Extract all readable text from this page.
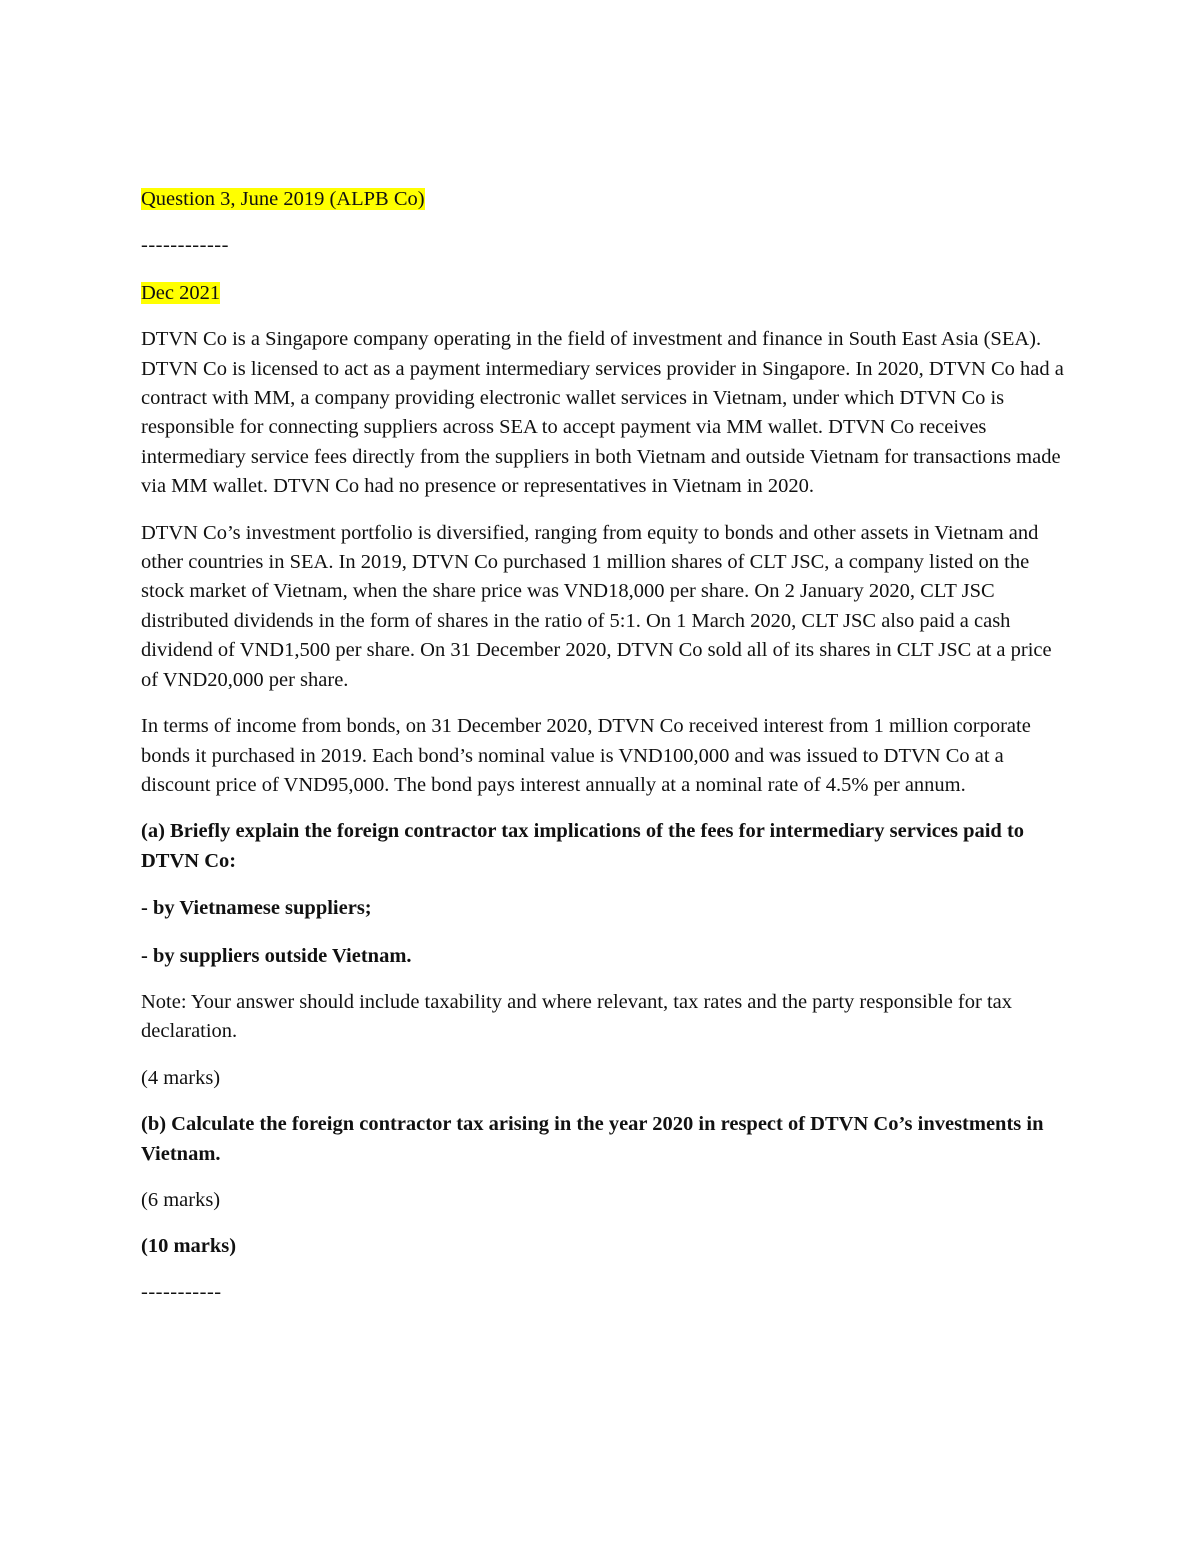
Question 3, June 2019 (ALPB Co)

------------

Dec 2021

DTVN Co is a Singapore company operating in the field of investment and finance in South East Asia (SEA). DTVN Co is licensed to act as a payment intermediary services provider in Singapore. In 2020, DTVN Co had a contract with MM, a company providing electronic wallet services in Vietnam, under which DTVN Co is responsible for connecting suppliers across SEA to accept payment via MM wallet. DTVN Co receives intermediary service fees directly from the suppliers in both Vietnam and outside Vietnam for transactions made via MM wallet. DTVN Co had no presence or representatives in Vietnam in 2020.

DTVN Co’s investment portfolio is diversified, ranging from equity to bonds and other assets in Vietnam and other countries in SEA. In 2019, DTVN Co purchased 1 million shares of CLT JSC, a company listed on the stock market of Vietnam, when the share price was VND18,000 per share. On 2 January 2020, CLT JSC distributed dividends in the form of shares in the ratio of 5:1. On 1 March 2020, CLT JSC also paid a cash dividend of VND1,500 per share. On 31 December 2020, DTVN Co sold all of its shares in CLT JSC at a price of VND20,000 per share.

In terms of income from bonds, on 31 December 2020, DTVN Co received interest from 1 million corporate bonds it purchased in 2019. Each bond’s nominal value is VND100,000 and was issued to DTVN Co at a discount price of VND95,000. The bond pays interest annually at a nominal rate of 4.5% per annum.

(a) Briefly explain the foreign contractor tax implications of the fees for intermediary services paid to DTVN Co:

- by Vietnamese suppliers;

- by suppliers outside Vietnam.

Note: Your answer should include taxability and where relevant, tax rates and the party responsible for tax declaration.

(4 marks)

(b) Calculate the foreign contractor tax arising in the year 2020 in respect of DTVN Co’s investments in Vietnam.

(6 marks)

(10 marks)

-----------
